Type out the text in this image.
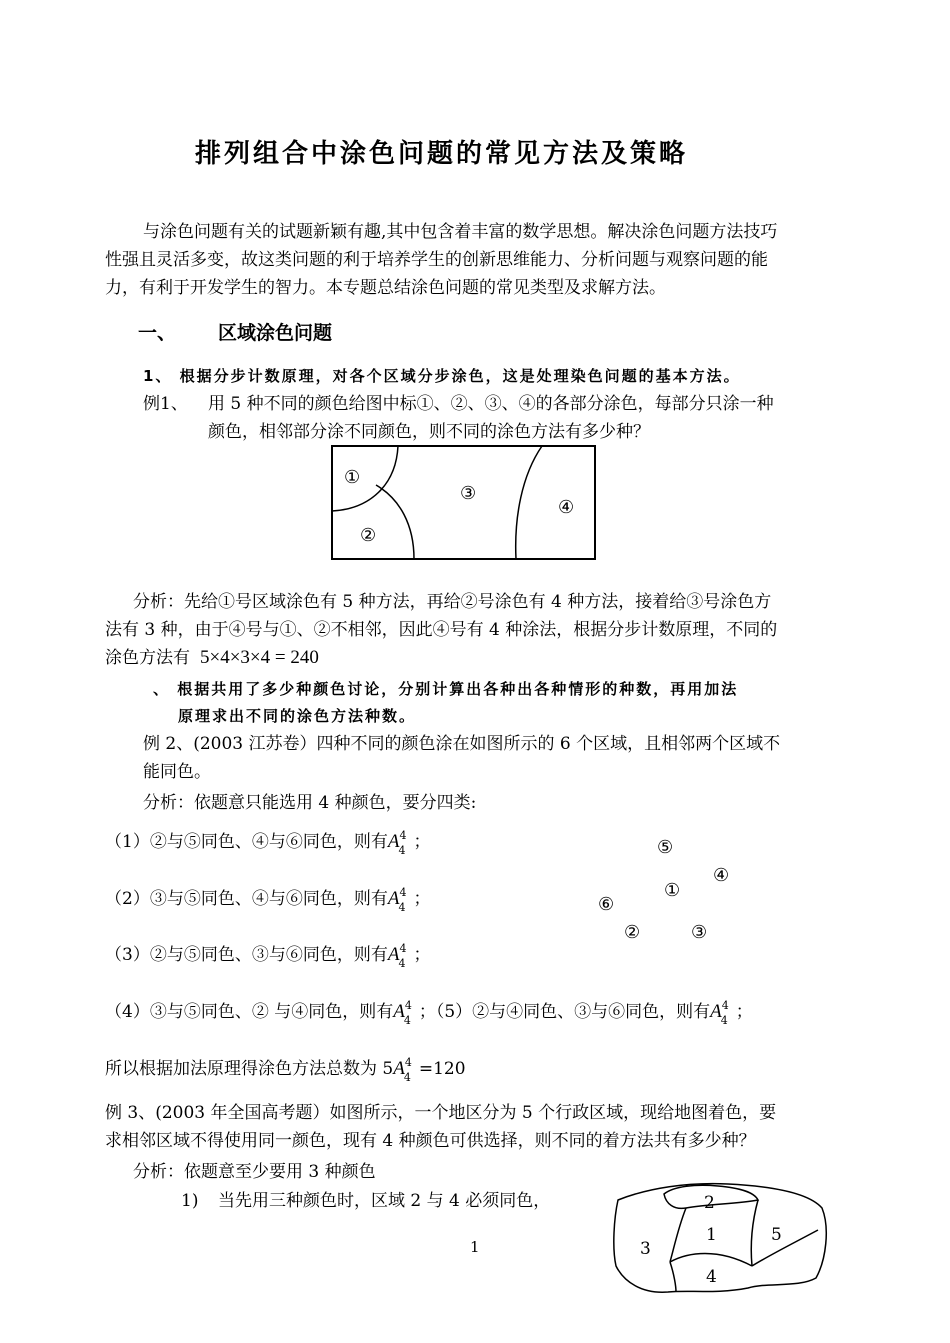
排列组合中涂色问题的常见方法及策略
与涂色问题有关的试题新颖有趣,其中包含着丰富的数学思想。解决涂色问题方法技巧
性强且灵活多变，故这类问题的利于培养学生的创新思维能力、分析问题与观察问题的能
力，有利于开发学生的智力。本专题总结涂色问题的常见类型及求解方法。
一、 区域涂色问题
1、 根据分步计数原理，对各个区域分步涂色，这是处理染色问题的基本方法。
例1、 用 5 种不同的颜色给图中标①、②、③、④的各部分涂色，每部分只涂一种
颜色，相邻部分涂不同颜色，则不同的涂色方法有多少种？
①
②
③
④
分析：先给①号区域涂色有 5 种方法，再给②号涂色有 4 种方法，接着给③号涂色方
法有 3 种，由于④号与①、②不相邻，因此④号有 4 种涂法，根据分步计数原理，不同的
涂色方法有 5×4×3×4 = 240
、 根据共用了多少种颜色讨论，分别计算出各种出各种情形的种数，再用加法
原理求出不同的涂色方法种数。
例 2、(2003 江苏卷）四种不同的颜色涂在如图所示的 6 个区域，且相邻两个区域不
能同色。
分析：依题意只能选用 4 种颜色，要分四类:
（1）②与⑤同色、④与⑥同色，则有$A^4_4$ ；
（2）③与⑤同色、④与⑥同色，则有$A^4_4$ ；
（3）②与⑤同色、③与⑥同色，则有$A^4_4$ ；
（4）③与⑤同色、② 与④同色，则有$A^4_4$ ；（5）②与④同色、③与⑥同色，则有$A^4_4$ ；
⑤
④
①
⑥
②	③
所以根据加法原理得涂色方法总数为 $5A^4_4 =120$
例 3、(2003 年全国高考题）如图所示，一个地区分为 5 个行政区域，现给地图着色，要
求相邻区域不得使用同一颜色，现有 4 种颜色可供选择，则不同的着方法共有多少种？
分析：依题意至少要用 3 种颜色
1) 当先用三种颜色时，区域 2 与 4 必须同色，	2
1	5
3
4
1
